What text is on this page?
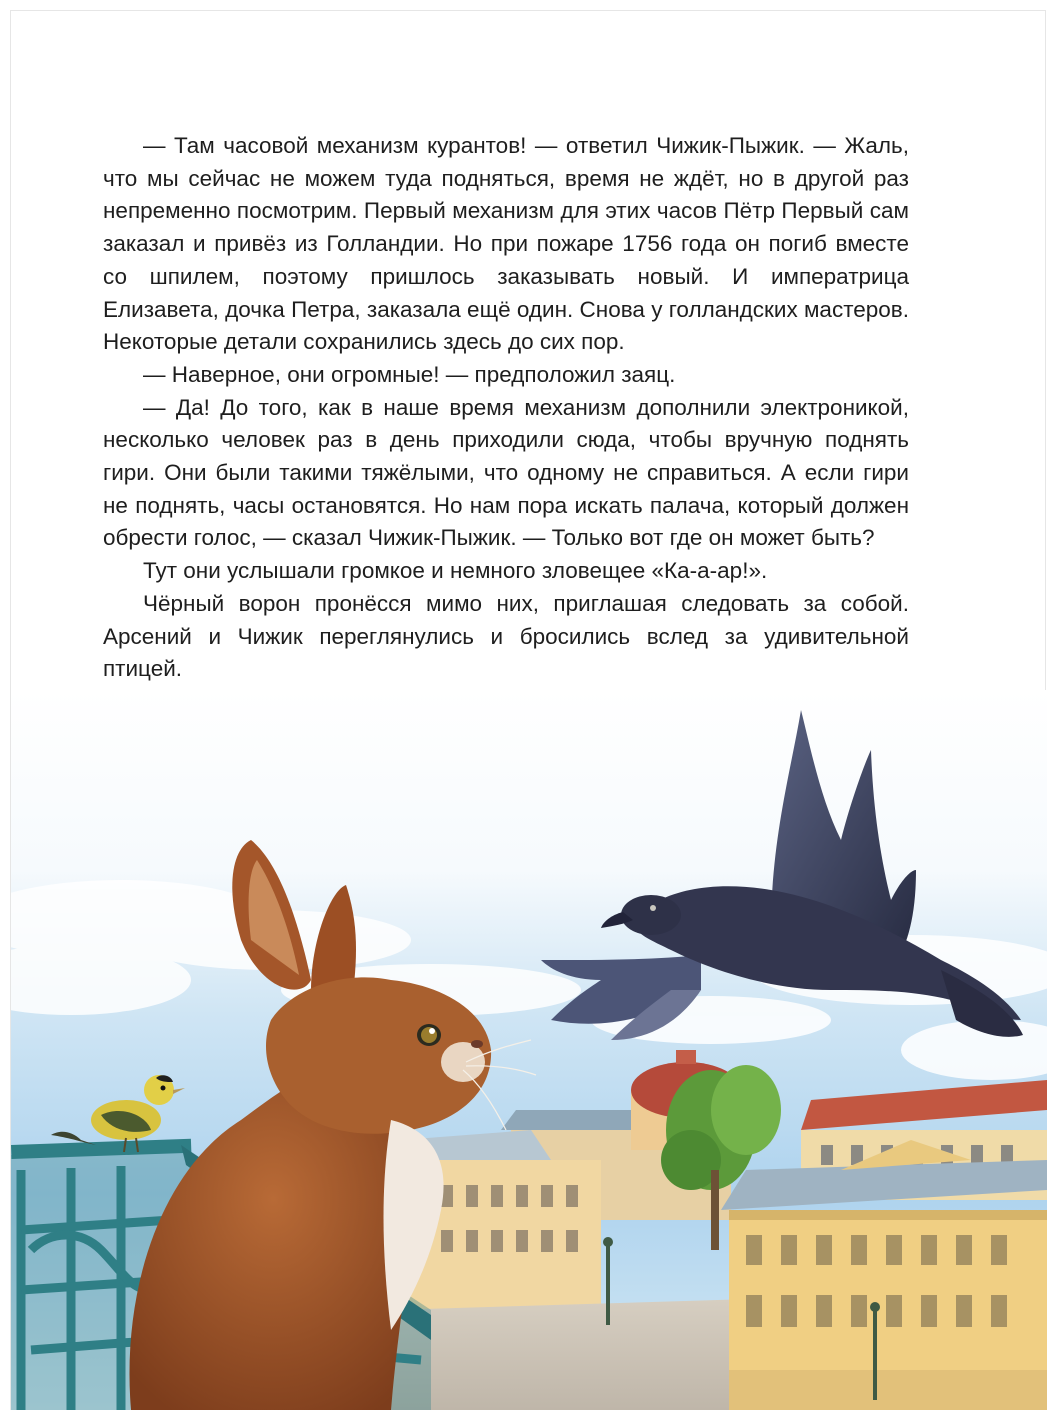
— Там часовой механизм курантов! — ответил Чижик-Пыжик. — Жаль, что мы сейчас не можем туда подняться, время не ждёт, но в другой раз непременно посмотрим. Первый механизм для этих часов Пётр Первый сам заказал и привёз из Голландии. Но при пожаре 1756 года он погиб вместе со шпилем, поэтому пришлось заказывать новый. И императрица Елизавета, дочка Петра, заказала ещё один. Снова у голландских мастеров. Некоторые детали сохранились здесь до сих пор.

— Наверное, они огромные! — предположил заяц.

— Да! До того, как в наше время механизм дополнили электроникой, несколько человек раз в день приходили сюда, чтобы вручную поднять гири. Они были такими тяжёлыми, что одному не справиться. А если гири не поднять, часы остановятся. Но нам пора искать палача, который должен обрести голос, — сказал Чижик-Пыжик. — Только вот где он может быть?

Тут они услышали громкое и немного зловещее «Ка-а-ар!».

Чёрный ворон пронёсся мимо них, приглашая следовать за собой. Арсений и Чижик переглянулись и бросились вслед за удивительной птицей.
